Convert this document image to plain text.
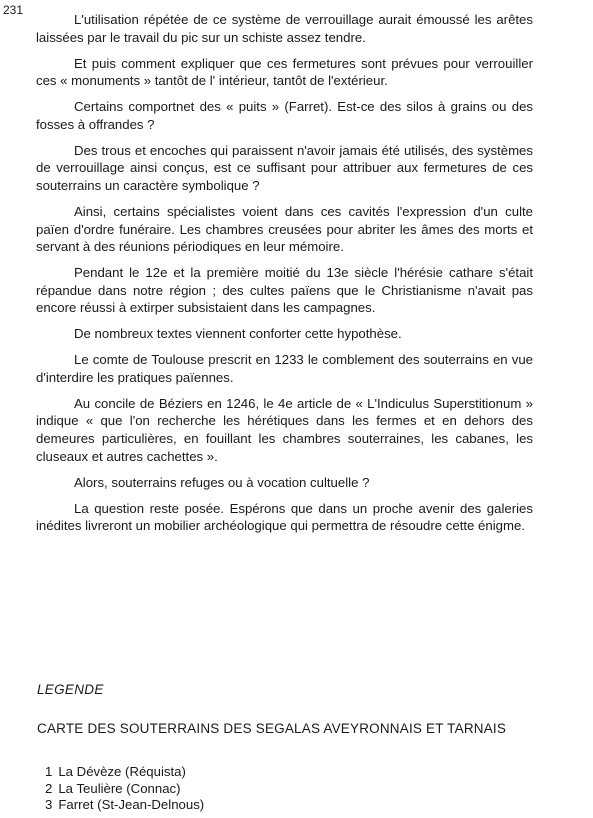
231

L'utilisation répétée de ce système de verrouillage aurait émoussé les arêtes laissées par le travail du pic sur un schiste assez tendre.

Et puis comment expliquer que ces fermetures sont prévues pour verrouiller ces « monuments » tantôt de l' intérieur, tantôt de l'extérieur.

Certains comportnet des « puits » (Farret). Est-ce des silos à grains ou des fosses à offrandes ?

Des trous et encoches qui paraissent n'avoir jamais été utilisés, des systèmes de verrouillage ainsi conçus, est ce suffisant pour attribuer aux fermetures de ces souterrains un caractère symbolique ?

Ainsi, certains spécialistes voient dans ces cavités l'expression d'un culte païen d'ordre funéraire. Les chambres creusées pour abriter les âmes des morts et servant à des réunions périodiques en leur mémoire.

Pendant le 12e et la première moitié du 13e siècle l'hérésie cathare s'était répandue dans notre région ; des cultes païens que le Christianisme n'avait pas encore réussi à extirper subsistaient dans les campagnes.

De nombreux textes viennent conforter cette hypothèse.

Le comte de Toulouse prescrit en 1233 le comblement des souterrains en vue d'interdire les pratiques païennes.

Au concile de Béziers en 1246, le 4e article de « L'Indiculus Superstitionum » indique « que l'on recherche les hérétiques dans les fermes et en dehors des demeures particulières, en fouillant les chambres souterraines, les cabanes, les cluseaux et autres cachettes ».

Alors, souterrains refuges ou à vocation cultuelle ?

La question reste posée. Espérons que dans un proche avenir des galeries inédites livreront un mobilier archéologique qui permettra de résoudre cette énigme.

LEGENDE
CARTE DES SOUTERRAINS DES SEGALAS AVEYRONNAIS ET TARNAIS
1 La Dévèze (Réquista)
2 La Teulière (Connac)
3 Farret (St-Jean-Delnous)
